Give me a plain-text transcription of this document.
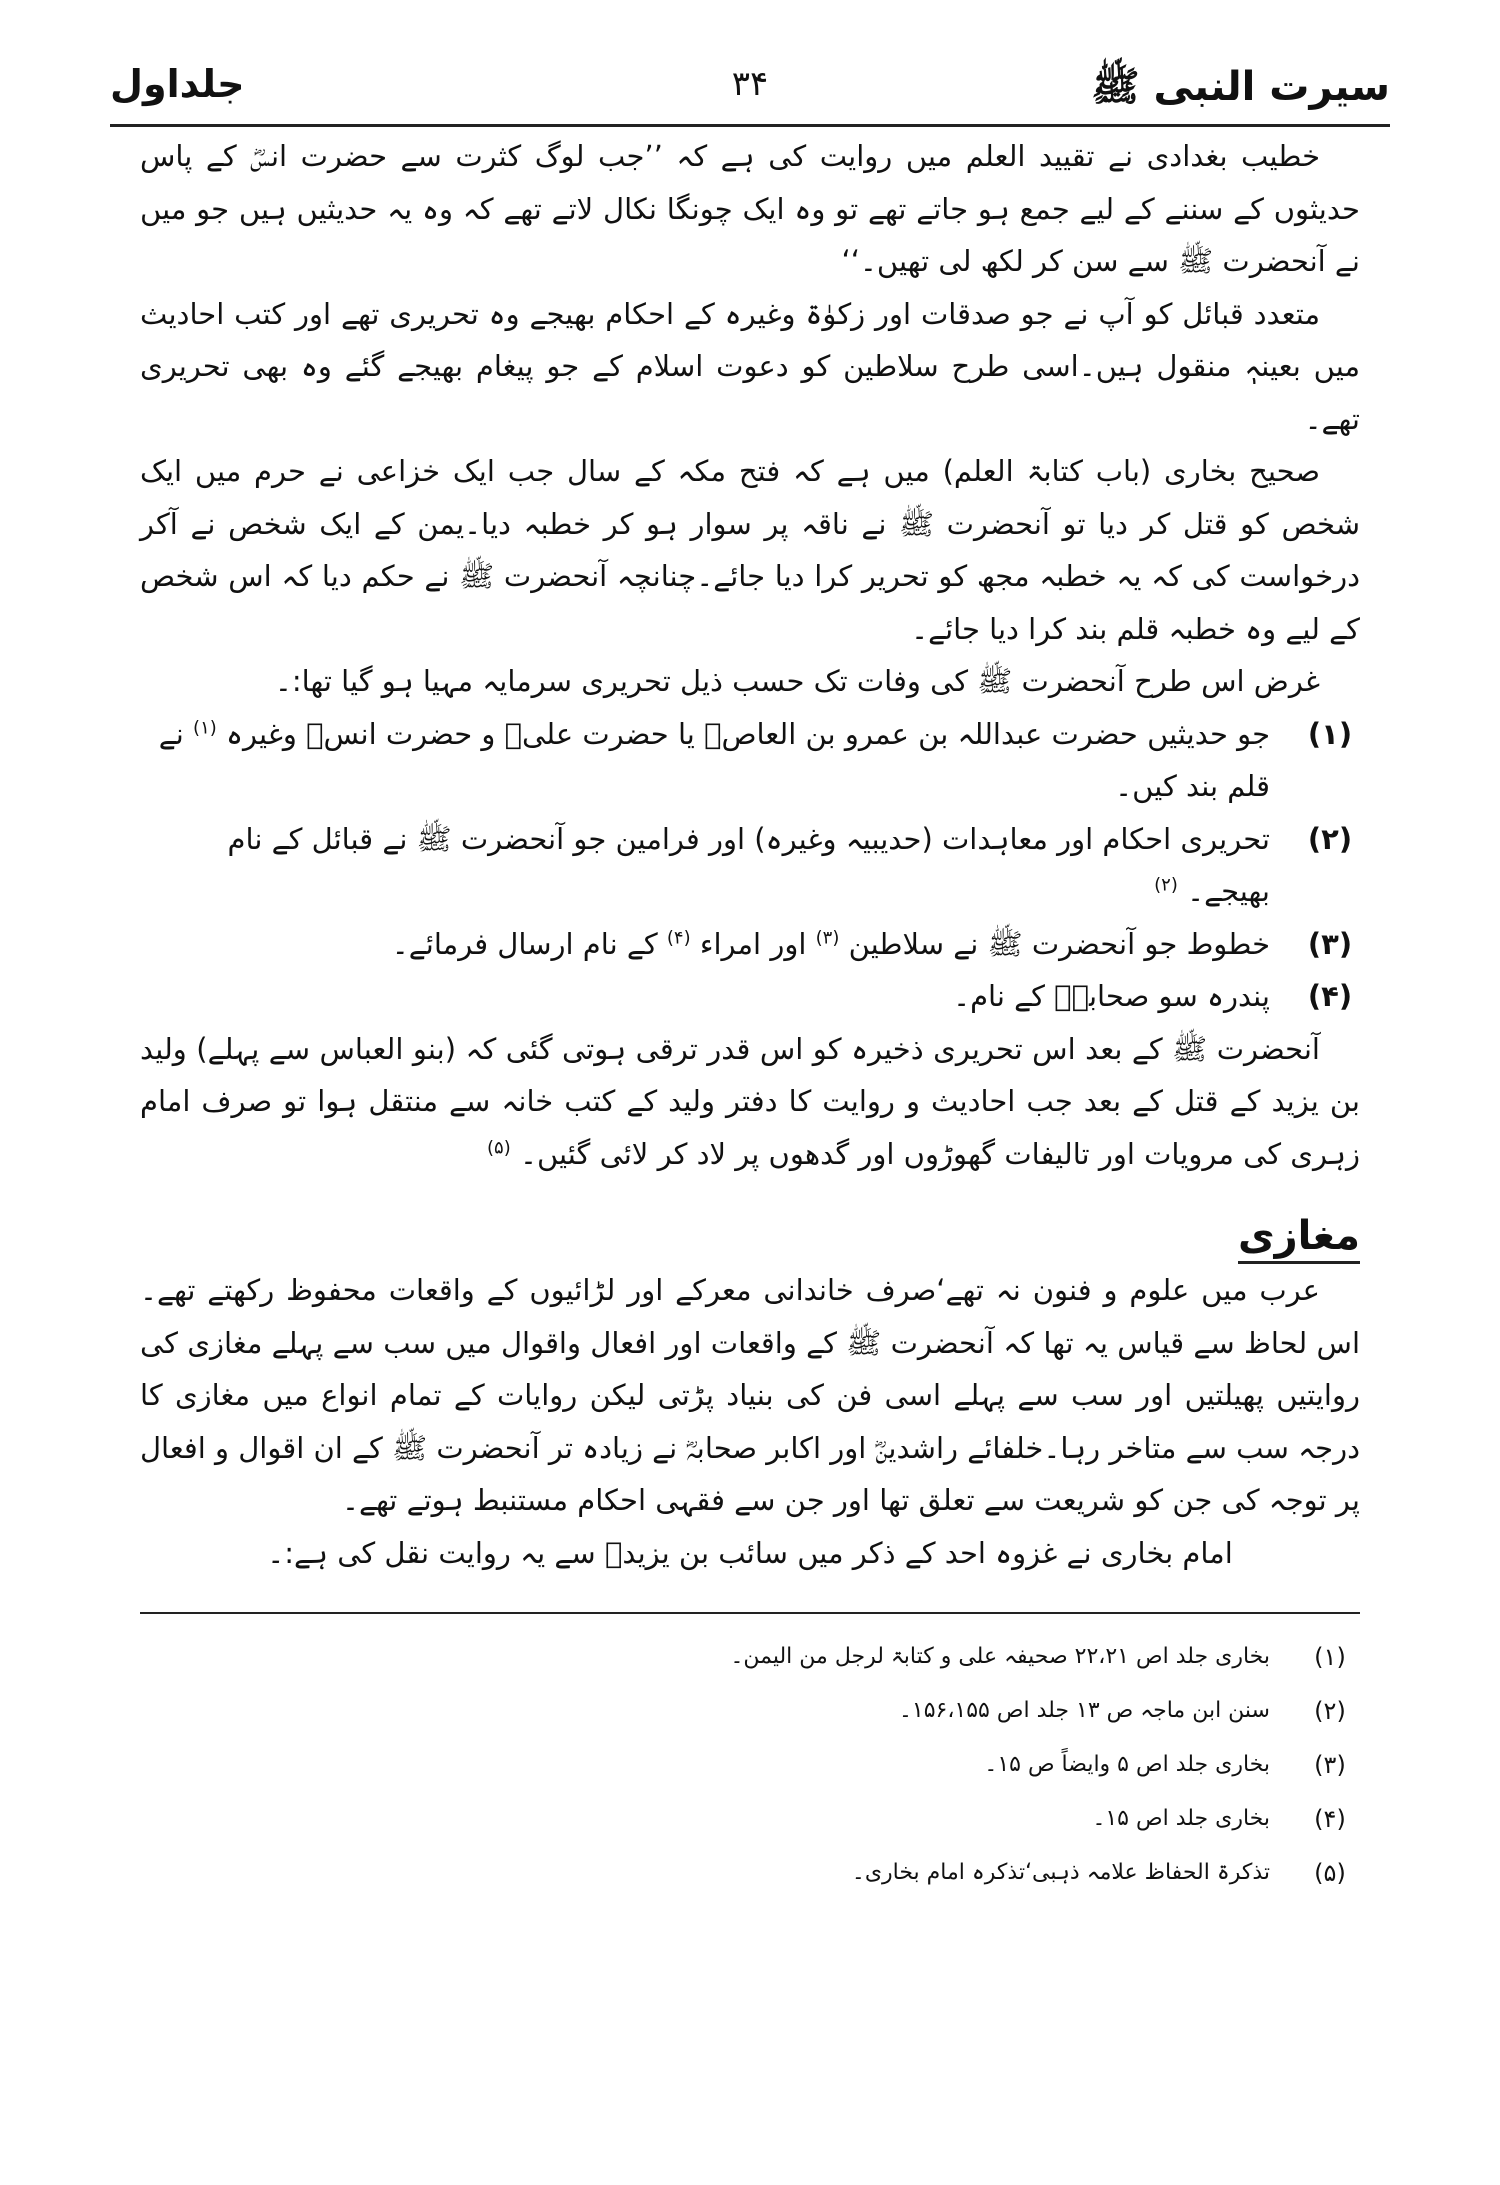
سیرت النبی ﷺ
۳۴
جلداول

خطیب بغدادی نے تقیید العلم میں روایت کی ہے کہ ’’جب لوگ کثرت سے حضرت انسؓ کے پاس حدیثوں کے سننے کے لیے جمع ہو جاتے تھے تو وہ ایک چونگا نکال لاتے تھے کہ وہ یہ حدیثیں ہیں جو میں نے آنحضرت ﷺ سے سن کر لکھ لی تھیں۔‘‘

متعدد قبائل کو آپ نے جو صدقات اور زکوٰۃ وغیرہ کے احکام بھیجے وہ تحریری تھے اور کتب احادیث میں بعینہٖ منقول ہیں۔اسی طرح سلاطین کو دعوت اسلام کے جو پیغام بھیجے گئے وہ بھی تحریری تھے۔

صحیح بخاری (باب کتابۃ العلم) میں ہے کہ فتح مکہ کے سال جب ایک خزاعی نے حرم میں ایک شخص کو قتل کر دیا تو آنحضرت ﷺ نے ناقہ پر سوار ہو کر خطبہ دیا۔یمن کے ایک شخص نے آکر درخواست کی کہ یہ خطبہ مجھ کو تحریر کرا دیا جائے۔چنانچہ آنحضرت ﷺ نے حکم دیا کہ اس شخص کے لیے وہ خطبہ قلم بند کرا دیا جائے۔

غرض اس طرح آنحضرت ﷺ کی وفات تک حسب ذیل تحریری سرمایہ مہیا ہو گیا تھا:۔

(۱)
جو حدیثیں حضرت عبداللہ بن عمرو بن العاصؓ یا حضرت علیؓ و حضرت انسؓ وغیرہ $^{(۱)}$ نے قلم بند کیں۔
(۲)
تحریری احکام اور معاہدات (حدیبیہ وغیرہ) اور فرامین جو آنحضرت ﷺ نے قبائل کے نام بھیجے۔ $^{(۲)}$
(۳)
خطوط جو آنحضرت ﷺ نے سلاطین $^{(۳)}$ اور امراء $^{(۴)}$ کے نام ارسال فرمائے۔
(۴)
پندرہ سو صحابہؓ کے نام۔

آنحضرت ﷺ کے بعد اس تحریری ذخیرہ کو اس قدر ترقی ہوتی گئی کہ (بنو العباس سے پہلے) ولید بن یزید کے قتل کے بعد جب احادیث و روایت کا دفتر ولید کے کتب خانہ سے منتقل ہوا تو صرف امام زہری کی مرویات اور تالیفات گھوڑوں اور گدھوں پر لاد کر لائی گئیں۔ $^{(۵)}$

مغازی

عرب میں علوم و فنون نہ تھے‘صرف خاندانی معرکے اور لڑائیوں کے واقعات محفوظ رکھتے تھے۔اس لحاظ سے قیاس یہ تھا کہ آنحضرت ﷺ کے واقعات اور افعال واقوال میں سب سے پہلے مغازی کی روایتیں پھیلتیں اور سب سے پہلے اسی فن کی بنیاد پڑتی لیکن روایات کے تمام انواع میں مغازی کا درجہ سب سے متاخر رہا۔خلفائے راشدینؓ اور اکابر صحابہؓ نے زیادہ تر آنحضرت ﷺ کے ان اقوال و افعال پر توجہ کی جن کو شریعت سے تعلق تھا اور جن سے فقہی احکام مستنبط ہوتے تھے۔

امام بخاری نے غزوہ احد کے ذکر میں سائب بن یزیدؓ سے یہ روایت نقل کی ہے:۔

(۱)
بخاری جلد اص ۲۲،۲۱ صحیفہ علی و کتابۃ لرجل من الیمن۔
(۲)
سنن ابن ماجہ ص ۱۳ جلد اص ۱۵۶،۱۵۵۔
(۳)
بخاری جلد اص ۵ وایضاً ص ۱۵۔
(۴)
بخاری جلد اص ۱۵۔
(۵)
تذکرۃ الحفاظ علامہ ذہبی‘تذکرہ امام بخاری۔
